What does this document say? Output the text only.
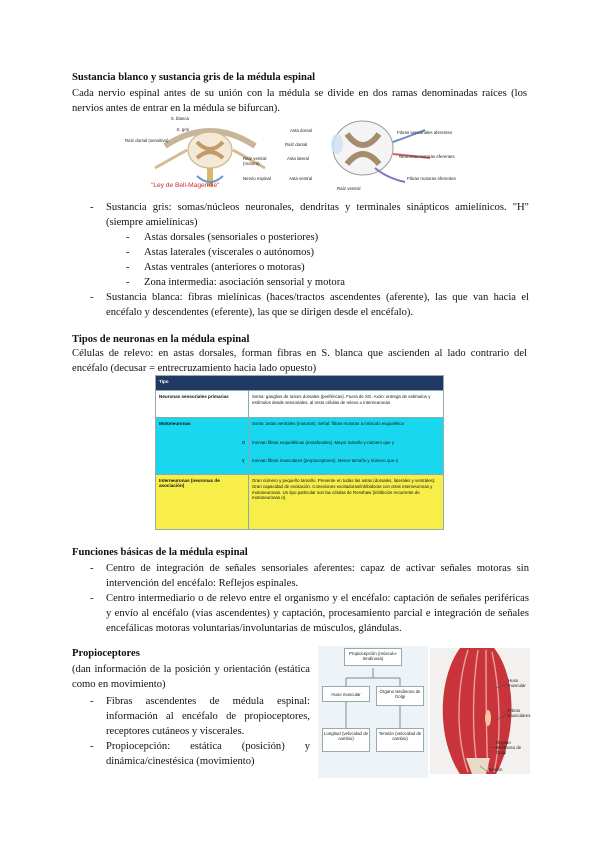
Sustancia blanco y sustancia gris de la médula espinal
Cada nervio espinal antes de su unión con la médula se divide en dos ramas denominadas raíces (los nervios antes de entrar en la médula se bifurcan).
S. blanca
S. gris
Raíz dorsal (sensitiva)
Raíz ventral (motora)
Nervio espinal
"Ley de Bell-Magendie"
Asta dorsal
Asta lateral
Asta ventral
Raíz dorsal
Raíz ventral
Fibras sensoriales aferentes
Neuronas motoras eferentes
Fibras motoras eferentes
- Sustancia gris: somas/núcleos neuronales, dendritas y terminales sinápticos amielínicos. "H" (siempre amielínicas)
- Astas dorsales (sensoriales o posteriores)
- Astas laterales (viscerales o autónomos)
- Astas ventrales (anteriores o motoras)
- Zona intermedia: asociación sensorial y motora
- Sustancia blanca: fibras mielínicas (haces/tractos ascendentes (aferente), las que van hacia el encéfalo y descendentes (eferente), las que se dirigen desde el encéfalo).
Tipos de neuronas en la médula espinal
Células de relevo: en astas dorsales, forman fibras en S. blanca que ascienden al lado contrario del encéfalo (decusar = entrecruzamiento hacia lado opuesto)
Tipo
Neuronas sensoriales primarias	Soma: ganglios de raíces dorsales (periféricas). Fuera de SG. Axón: entrega de estímulos y estímulos desde sensoriales, al resto células de relevo o interneuronas
Motoneuronas	Soma: astas ventrales (motoras). Señal: fibras motoras a músculo esquelético
α Inervan fibras esqueléticas (extrafusales). Mayor tamaño y número que γ
γ Inervan fibras musculares (propioceptores). Menor tamaño y número que α
Interneuronas (neuronas de asociación)
Gran número y pequeño tamaño. Presente en todas las astas (dorsales, laterales y ventrales). Gran capacidad de excitación. Conexiones excitadoras/inhibidoras con otras interneuronas y motoneuronas. Un tipo particular son las células de Renshaw (inhibición recurrente de motoneuronas α)
Funciones básicas de la médula espinal
- Centro de integración de señales sensoriales aferentes: capaz de activar señales motoras sin intervención del encéfalo: Reflejos espinales.
- Centro intermediario o de relevo entre el organismo y el encéfalo: captación de señales periféricas y envío al encéfalo (vías ascendentes) y captación, procesamiento parcial e integración de señales encefálicas motoras voluntarias/involuntarias de músculos, glándulas.
Propioceptores
(dan información de la posición y orientación (estática como en movimiento)
- Fibras ascendentes de médula espinal: información al encéfalo de propioceptores, receptores cutáneos y viscerales.
- Propiocepción: estática (posición) y dinámica/cinestésica (movimiento)
Propiocepción (músculo-tendinosa)
Huso muscular
Órgano tendinoso de Golgi
Longitud (velocidad de cambio)
Tensión (velocidad de cambio)
Huso muscular
Fibras musculares
Órgano tendinoso de Golgi
Tendón
